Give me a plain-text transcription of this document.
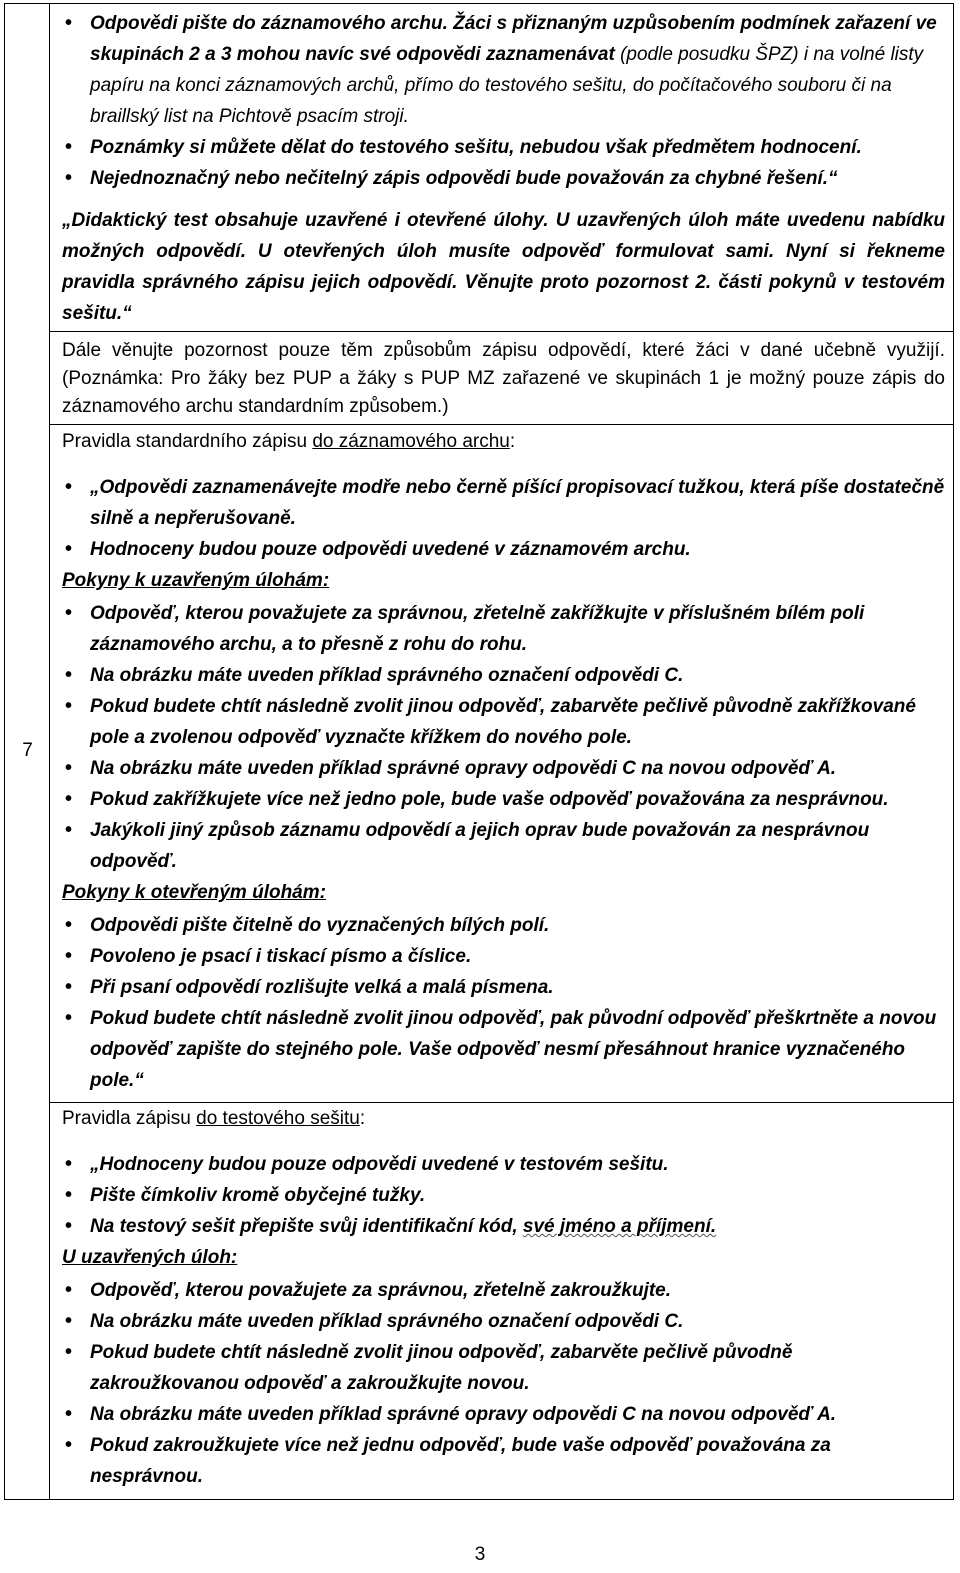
7
• Odpovědi pište do záznamového archu. Žáci s přiznaným uzpůsobením podmínek zařazení ve skupinách 2 a 3 mohou navíc své odpovědi zaznamenávat (podle posudku ŠPZ) i na volné listy papíru na konci záznamových archů, přímo do testového sešitu, do počítačového souboru či na braillský list na Pichtově psacím stroji.
• Poznámky si můžete dělat do testového sešitu, nebudou však předmětem hodnocení.
• Nejednoznačný nebo nečitelný zápis odpovědi bude považován za chybné řešení.“
„Didaktický test obsahuje uzavřené i otevřené úlohy. U uzavřených úloh máte uvedenu nabídku možných odpovědí. U otevřených úloh musíte odpověď formulovat sami. Nyní si řekneme pravidla správného zápisu jejich odpovědí. Věnujte proto pozornost 2. části pokynů v testovém sešitu.“
Dále věnujte pozornost pouze těm způsobům zápisu odpovědí, které žáci v dané učebně využijí. (Poznámka: Pro žáky bez PUP a žáky s PUP MZ zařazené ve skupinách 1 je možný pouze zápis do záznamového archu standardním způsobem.)
Pravidla standardního zápisu do záznamového archu:
• „Odpovědi zaznamenávejte modře nebo černě píšící propisovací tužkou, která píše dostatečně silně a nepřerušovaně.
• Hodnoceny budou pouze odpovědi uvedené v záznamovém archu.
Pokyny k uzavřeným úlohám:
• Odpověď, kterou považujete za správnou, zřetelně zakřížkujte v příslušném bílém poli záznamového archu, a to přesně z rohu do rohu.
• Na obrázku máte uveden příklad správného označení odpovědi C.
• Pokud budete chtít následně zvolit jinou odpověď, zabarvěte pečlivě původně zakřížkované pole a zvolenou odpověď vyznačte křížkem do nového pole.
• Na obrázku máte uveden příklad správné opravy odpovědi C na novou odpověď A.
• Pokud zakřížkujete více než jedno pole, bude vaše odpověď považována za nesprávnou.
• Jakýkoli jiný způsob záznamu odpovědí a jejich oprav bude považován za nesprávnou odpověď.
Pokyny k otevřeným úlohám:
• Odpovědi pište čitelně do vyznačených bílých polí.
• Povoleno je psací i tiskací písmo a číslice.
• Při psaní odpovědí rozlišujte velká a malá písmena.
• Pokud budete chtít následně zvolit jinou odpověď, pak původní odpověď přeškrtněte a novou odpověď zapište do stejného pole. Vaše odpověď nesmí přesáhnout hranice vyznačeného pole.“
Pravidla zápisu do testového sešitu:
• „Hodnoceny budou pouze odpovědi uvedené v testovém sešitu.
• Pište čímkoliv kromě obyčejné tužky.
• Na testový sešit přepište svůj identifikační kód, své jméno a příjmení.
U uzavřených úloh:
• Odpověď, kterou považujete za správnou, zřetelně zakroužkujte.
• Na obrázku máte uveden příklad správného označení odpovědi C.
• Pokud budete chtít následně zvolit jinou odpověď, zabarvěte pečlivě původně zakroužkovanou odpověď a zakroužkujte novou.
• Na obrázku máte uveden příklad správné opravy odpovědi C na novou odpověď A.
• Pokud zakroužkujete více než jednu odpověď, bude vaše odpověď považována za nesprávnou.
3
